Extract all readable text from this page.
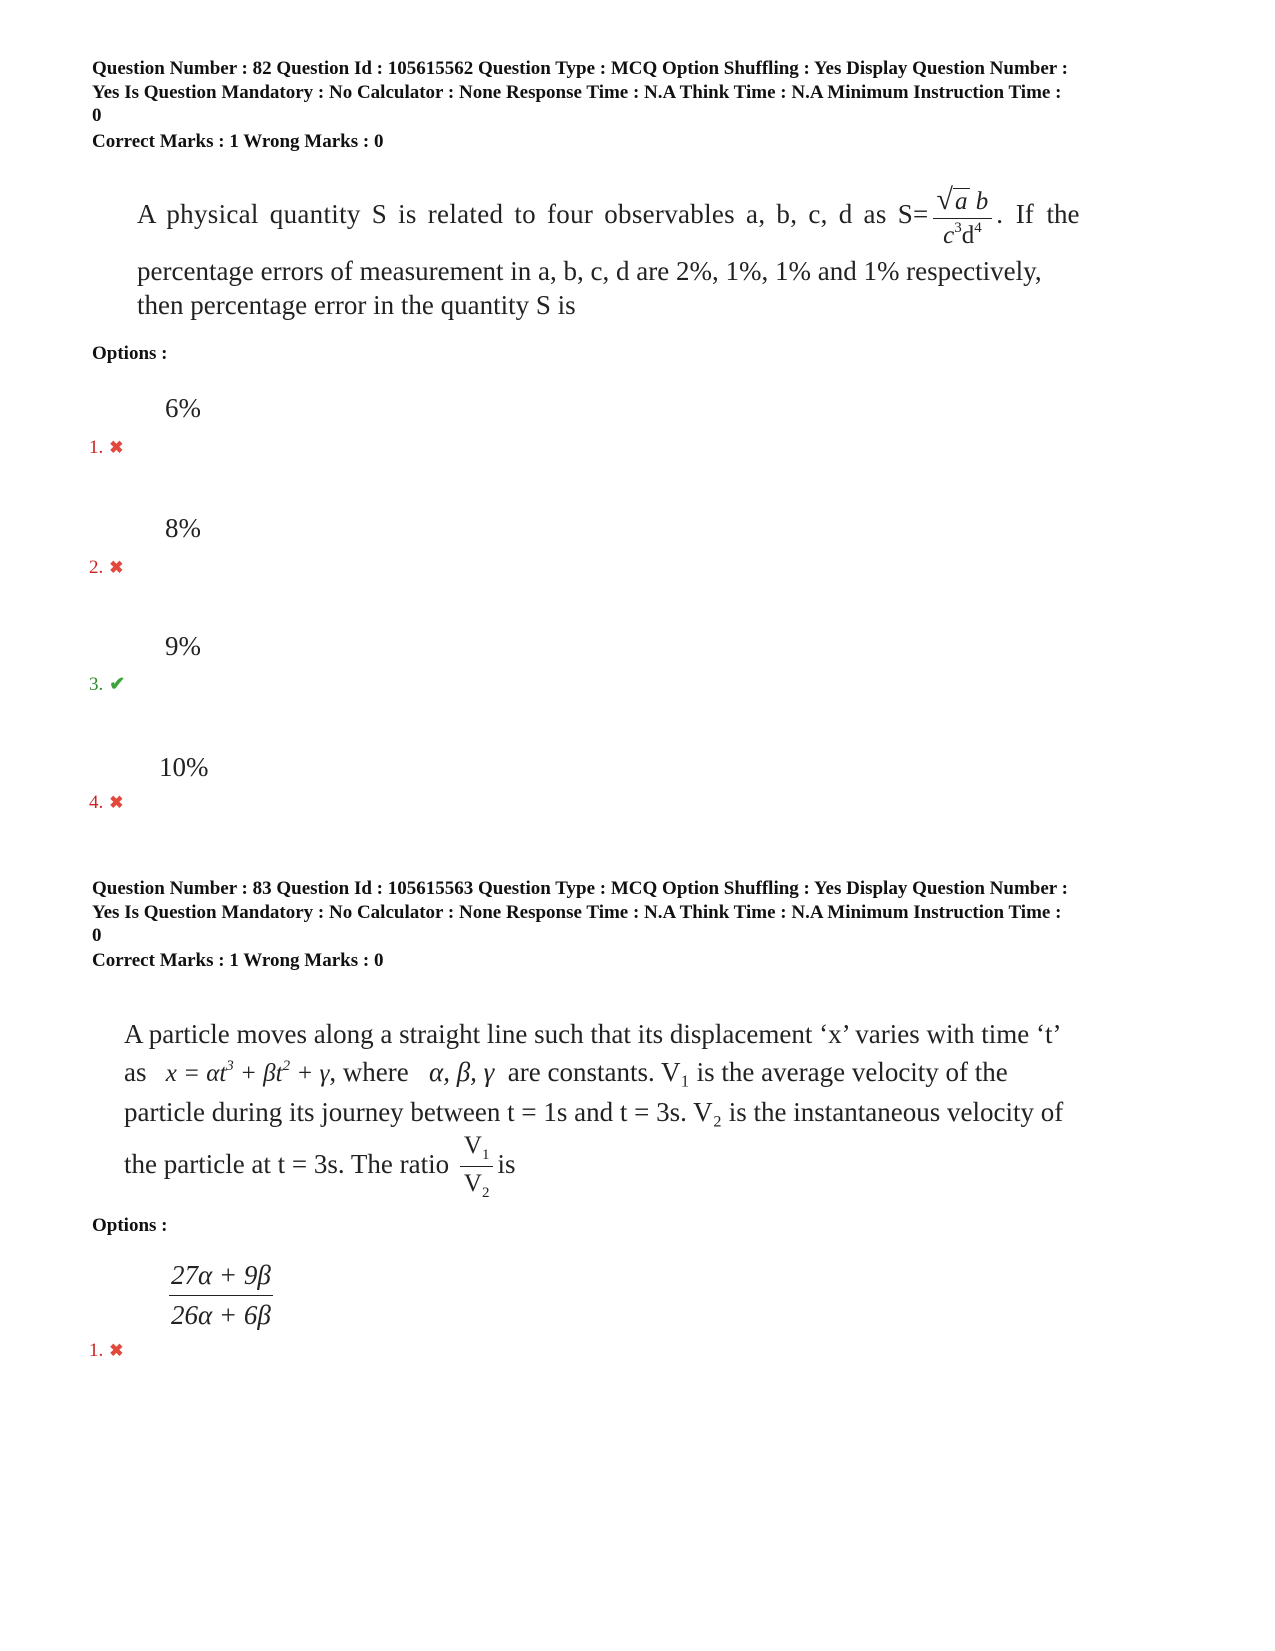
Question Number : 82 Question Id : 105615562 Question Type : MCQ Option Shuffling : Yes Display Question Number :
Yes Is Question Mandatory : No Calculator : None Response Time : N.A Think Time : N.A Minimum Instruction Time :
0
Correct Marks : 1 Wrong Marks : 0
A physical quantity S is related to four observables a, b, c, d as $S= \frac{\text{√a b}}{c^3d^4}$ . If the
percentage errors of measurement in a, b, c, d are 2%, 1%, 1% and 1% respectively,
then percentage error in the quantity S is
Options :
6%
1. ✖
8%
2. ✖
9%
3. ✔
10%
4. ✖
Question Number : 83 Question Id : 105615563 Question Type : MCQ Option Shuffling : Yes Display Question Number :
Yes Is Question Mandatory : No Calculator : None Response Time : N.A Think Time : N.A Minimum Instruction Time :
0
Correct Marks : 1 Wrong Marks : 0
A particle moves along a straight line such that its displacement ‘x’ varies with time ‘t’
as   $x = \alpha t^3 + \beta t^2 + \gamma$, where   α, β, γ  are constants. V₁ is the average velocity of the
particle during its journey between t = 1s and t = 3s. V₂ is the instantaneous velocity of
the particle at t = 3s. The ratio $\frac{V_1}{V_2}$ is
Options :
$\frac{27\alpha + 9\beta}{26\alpha + 6\beta}$
1. ✖
